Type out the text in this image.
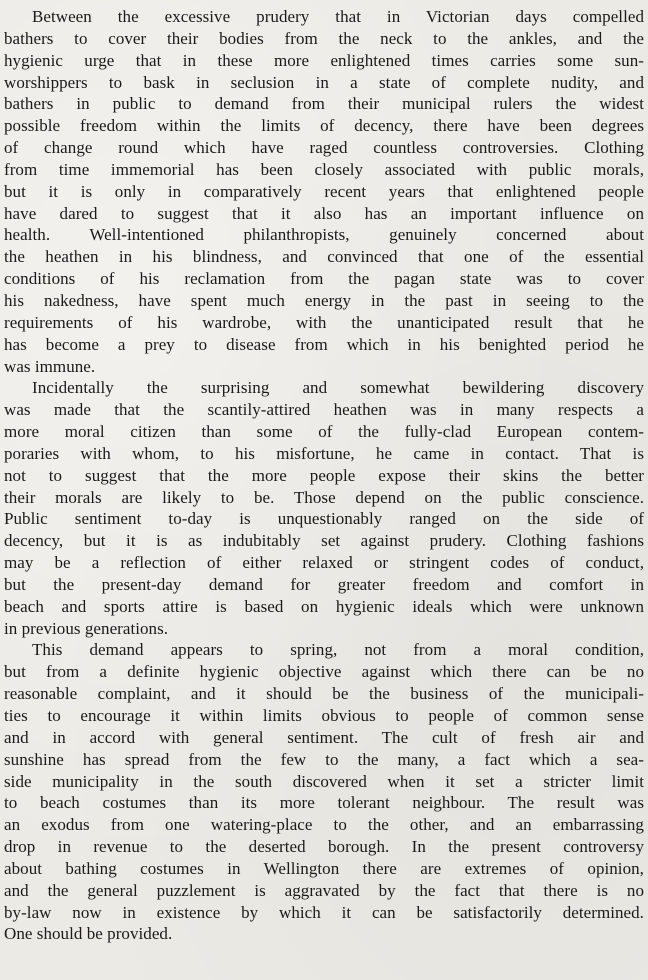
Between the excessive prudery that in Victorian days compelled
bathers to cover their bodies from the neck to the ankles, and the
hygienic urge that in these more enlightened times carries some sun-
worshippers to bask in seclusion in a state of complete nudity, and
bathers in public to demand from their municipal rulers the widest
possible freedom within the limits of decency, there have been degrees
of change round which have raged countless controversies. Clothing
from time immemorial has been closely associated with public morals,
but it is only in comparatively recent years that enlightened people
have dared to suggest that it also has an important influence on
health. Well-intentioned philanthropists, genuinely concerned about
the heathen in his blindness, and convinced that one of the essential
conditions of his reclamation from the pagan state was to cover
his nakedness, have spent much energy in the past in seeing to the
requirements of his wardrobe, with the unanticipated result that he
has become a prey to disease from which in his benighted period he
was immune.
Incidentally the surprising and somewhat bewildering discovery
was made that the scantily-attired heathen was in many respects a
more moral citizen than some of the fully-clad European contem-
poraries with whom, to his misfortune, he came in contact. That is
not to suggest that the more people expose their skins the better
their morals are likely to be. Those depend on the public conscience.
Public sentiment to-day is unquestionably ranged on the side of
decency, but it is as indubitably set against prudery. Clothing fashions
may be a reflection of either relaxed or stringent codes of conduct,
but the present-day demand for greater freedom and comfort in
beach and sports attire is based on hygienic ideals which were unknown
in previous generations.
This demand appears to spring, not from a moral condition,
but from a definite hygienic objective against which there can be no
reasonable complaint, and it should be the business of the municipali-
ties to encourage it within limits obvious to people of common sense
and in accord with general sentiment. The cult of fresh air and
sunshine has spread from the few to the many, a fact which a sea-
side municipality in the south discovered when it set a stricter limit
to beach costumes than its more tolerant neighbour. The result was
an exodus from one watering-place to the other, and an embarrassing
drop in revenue to the deserted borough. In the present controversy
about bathing costumes in Wellington there are extremes of opinion,
and the general puzzlement is aggravated by the fact that there is no
by-law now in existence by which it can be satisfactorily determined.
One should be provided.
